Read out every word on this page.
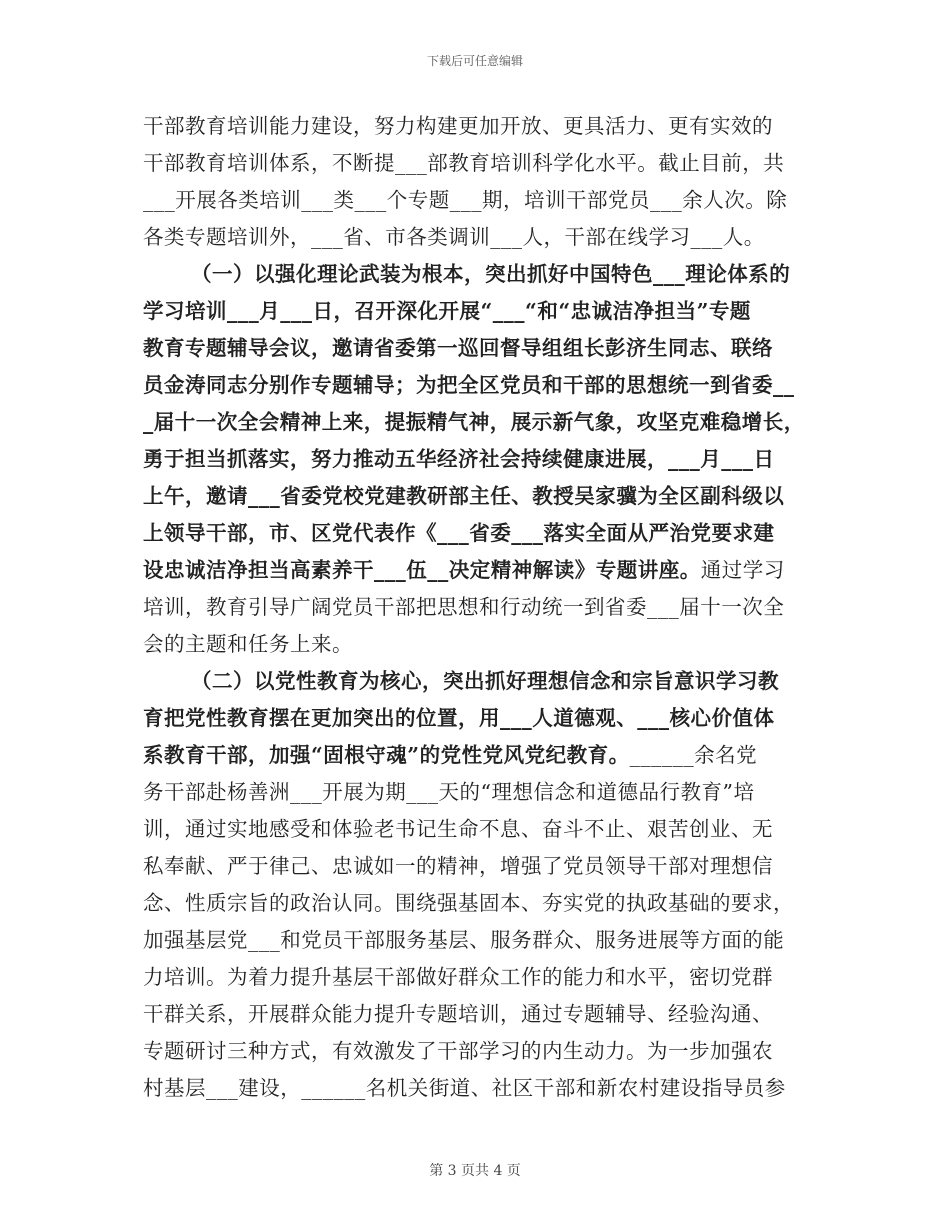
下载后可任意编辑
干部教育培训能力建设，努力构建更加开放、更具活力、更有实效的
干部教育培训体系，不断提___部教育培训科学化水平。截止目前，共
___开展各类培训___类___个专题___期，培训干部党员___余人次。除
各类专题培训外，___省、市各类调训___人，干部在线学习___人。
（一）以强化理论武装为根本，突出抓好中国特色___理论体系的
学习培训___月___日，召开深化开展“___“和“忠诚洁净担当”专题
教育专题辅导会议，邀请省委第一巡回督导组组长彭济生同志、联络
员金涛同志分别作专题辅导；为把全区党员和干部的思想统一到省委__
_届十一次全会精神上来，提振精气神，展示新气象，攻坚克难稳增长，
勇于担当抓落实，努力推动五华经济社会持续健康进展，___月___日
上午，邀请___省委党校党建教研部主任、教授吴家骥为全区副科级以
上领导干部，市、区党代表作《___省委___落实全面从严治党要求建
设忠诚洁净担当高素养干___伍__决定精神解读》专题讲座。通过学习
培训，教育引导广阔党员干部把思想和行动统一到省委___届十一次全
会的主题和任务上来。
（二）以党性教育为核心，突出抓好理想信念和宗旨意识学习教
育把党性教育摆在更加突出的位置，用___人道德观、___核心价值体
系教育干部，加强“固根守魂”的党性党风党纪教育。______余名党
务干部赴杨善洲___开展为期___天的“理想信念和道德品行教育”培
训，通过实地感受和体验老书记生命不息、奋斗不止、艰苦创业、无
私奉献、严于律己、忠诚如一的精神，增强了党员领导干部对理想信
念、性质宗旨的政治认同。围绕强基固本、夯实党的执政基础的要求，
加强基层党___和党员干部服务基层、服务群众、服务进展等方面的能
力培训。为着力提升基层干部做好群众工作的能力和水平，密切党群
干群关系，开展群众能力提升专题培训，通过专题辅导、经验沟通、
专题研讨三种方式，有效激发了干部学习的内生动力。为一步加强农
村基层___建设，______名机关街道、社区干部和新农村建设指导员参
第 3 页共 4 页
